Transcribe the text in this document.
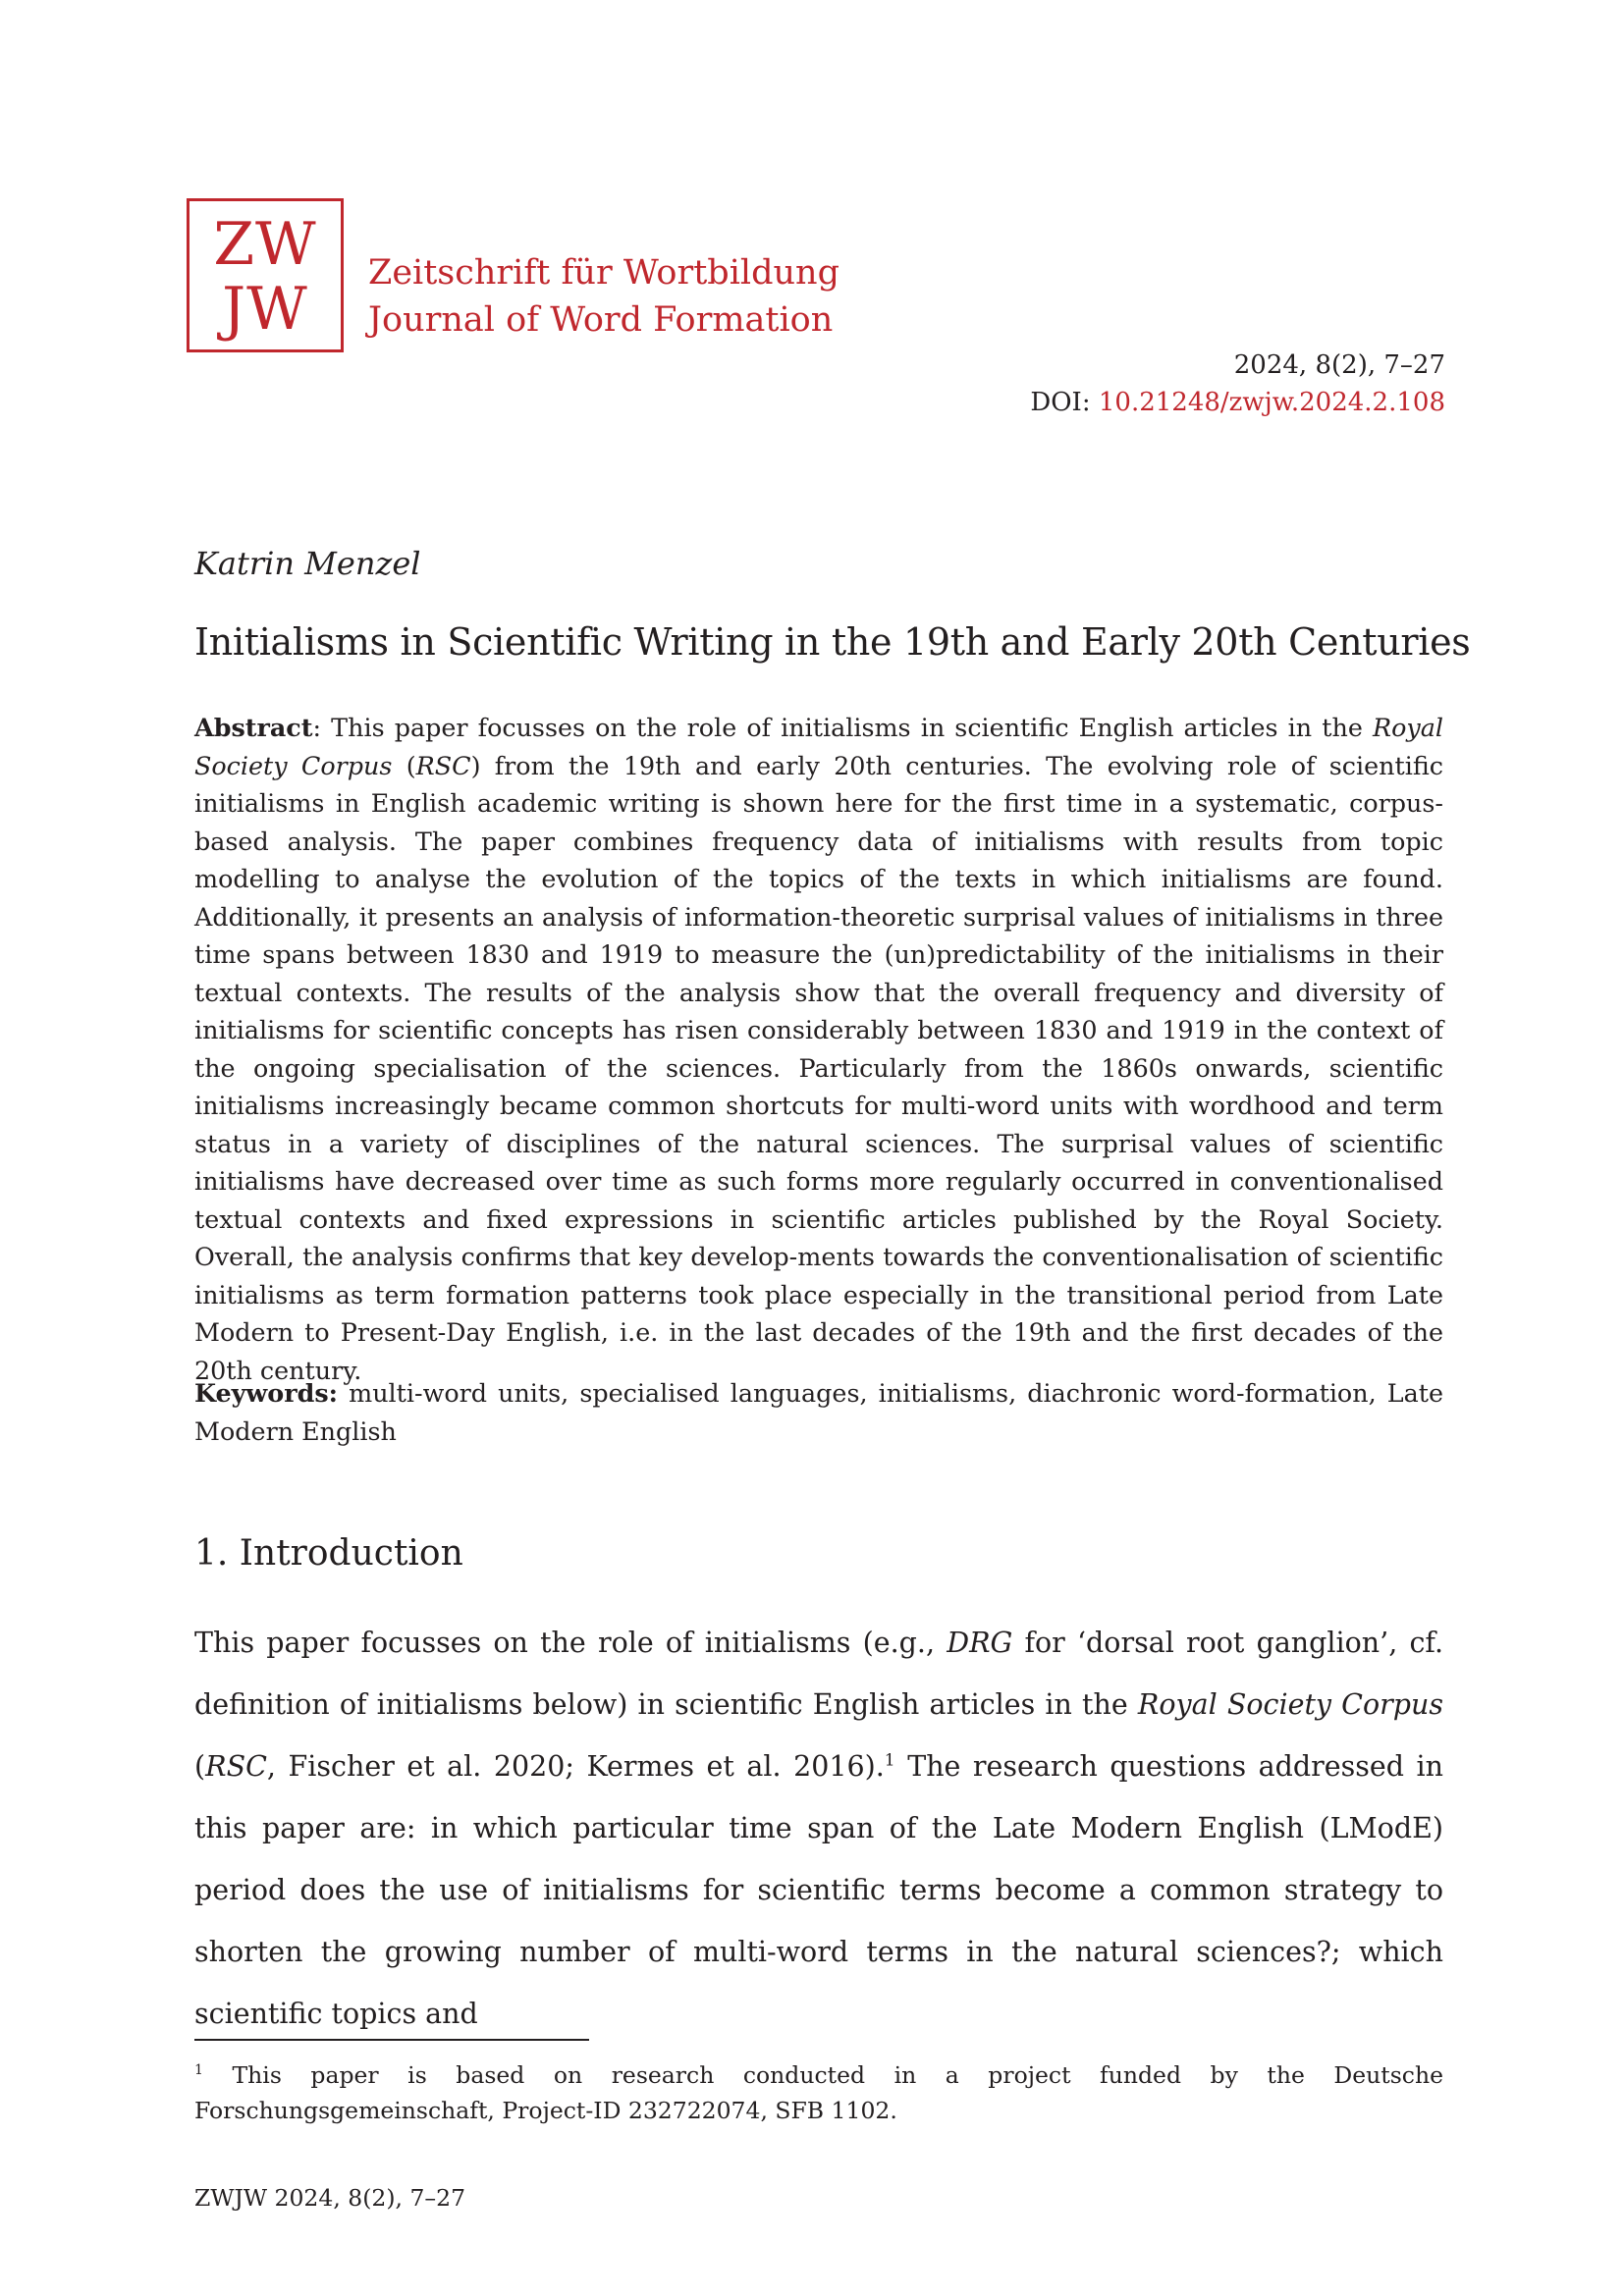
ZW
JW
Zeitschrift für Wortbildung
Journal of Word Formation
2024, 8(2), 7–27
DOI: 10.21248/zwjw.2024.2.108
Katrin Menzel
Initialisms in Scientific Writing in the 19th and Early 20th Centuries

Abstract: This paper focusses on the role of initialisms in scientific English articles in the Royal Society Corpus (RSC) from the 19th and early 20th centuries. The evolving role of scientific initialisms in English academic writing is shown here for the first time in a systematic, corpus-based analysis. The paper combines frequency data of initialisms with results from topic modelling to analyse the evolution of the topics of the texts in which initialisms are found. Additionally, it presents an analysis of information-theoretic surprisal values of initialisms in three time spans between 1830 and 1919 to measure the (un)predictability of the initialisms in their textual contexts. The results of the analysis show that the overall frequency and diversity of initialisms for scientific concepts has risen considerably between 1830 and 1919 in the context of the ongoing specialisation of the sciences. Particularly from the 1860s onwards, scientific initialisms increasingly became common shortcuts for multi-word units with wordhood and term status in a variety of disciplines of the natural sciences. The surprisal values of scientific initialisms have decreased over time as such forms more regularly occurred in conventionalised textual contexts and fixed expressions in scientific articles published by the Royal Society. Overall, the analysis confirms that key develop-ments towards the conventionalisation of scientific initialisms as term formation patterns took place especially in the transitional period from Late Modern to Present-Day English, i.e. in the last decades of the 19th and the first decades of the 20th century.

Keywords: multi-word units, specialised languages, initialisms, diachronic word-formation, Late Modern English

1. Introduction

This paper focusses on the role of initialisms (e.g., DRG for ‘dorsal root ganglion’, cf. definition of initialisms below) in scientific English articles in the Royal Society Corpus (RSC, Fischer et al. 2020; Kermes et al. 2016).$^1$ The research questions addressed in this paper are: in which particular time span of the Late Modern English (LModE) period does the use of initialisms for scientific terms become a common strategy to shorten the growing number of multi-word terms in the natural sciences?; which scientific topics and

$^1$ This paper is based on research conducted in a project funded by the Deutsche Forschungsgemeinschaft, Project-ID 232722074, SFB 1102.

ZWJW 2024, 8(2), 7–27
